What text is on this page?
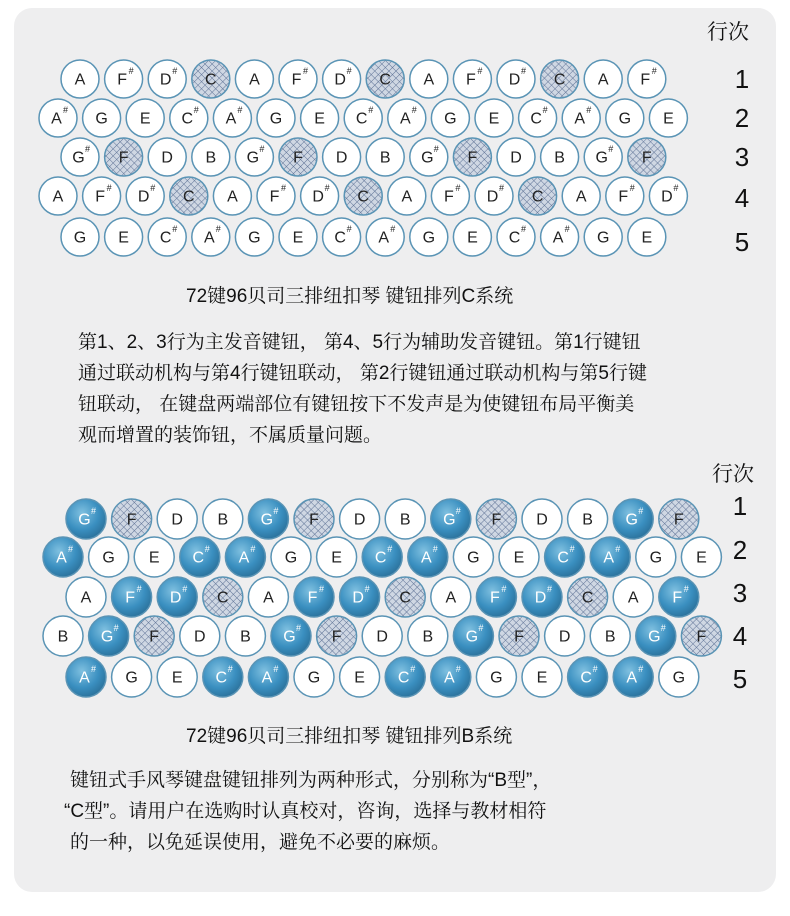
A F
#
D
#
C A F
#
D
#
C A F
#
D
#
C A F
#
A
#
G E C
#
A
#
G E C
#
A
#
G E C
#
A
#
G E
G
#
F D B G
#
F D B G
#
F D B G
#
F
A F
#
D
#
C A F
#
D
#
C A F
#
D
#
C A F
#
D
#
G E C
#
A
#
G E C
#
A
#
G E C
#
A
#
G E
G
#
F D B G
#
F D B G
#
F D B G
#
F
A
#
G E C
#
A
#
G E C
#
A
#
G E C
#
A
#
G E
A F
#
D
#
C A F
#
D
#
C A F
#
D
#
C A F
#
B G
#
F D B G
#
F D B G
#
F D B G
#
F
A
#
G E C
#
A
#
G E C
#
A
#
G E C
#
A
#
G
行次
1
2
3
4
5
72键96贝司三排纽扣琴 键钮排列C系统
第1、2、3行为主发音键钮， 第4、5行为辅助发音键钮。第1行键钮
通过联动机构与第4行键钮联动， 第2行键钮通过联动机构与第5行键
钮联动， 在键盘两端部位有键钮按下不发声是为使键钮布局平衡美
观而增置的装饰钮，不属质量问题。
行次
1
2
3
4
5
72键96贝司三排纽扣琴 键钮排列B系统
键钮式手风琴键盘键钮排列为两种形式，分别称为“B型”，
“C型”。请用户在选购时认真校对，咨询，选择与教材相符
的一种，以免延误使用，避免不必要的麻烦。
